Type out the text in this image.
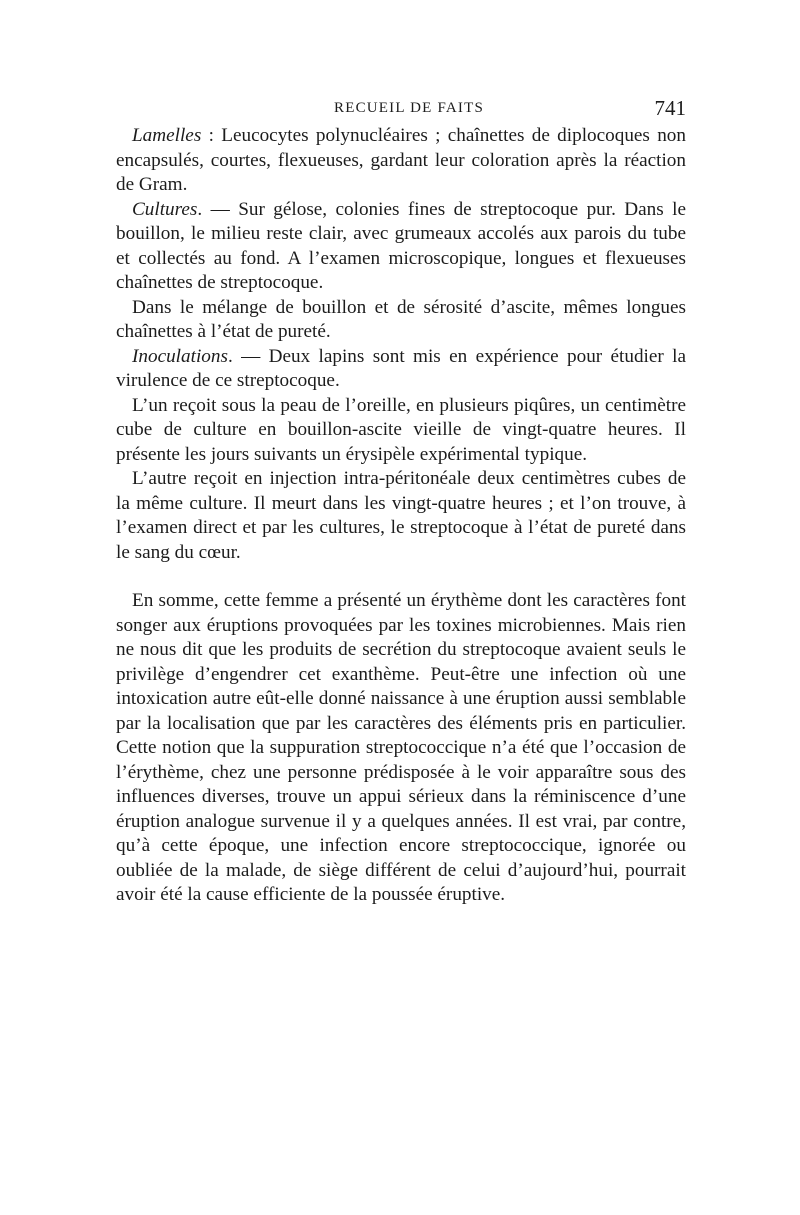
RECUEIL DE FAITS	741

Lamelles : Leucocytes polynucléaires ; chaînettes de diplocoques non encapsulés, courtes, flexueuses, gardant leur coloration après la réaction de Gram.

Cultures. — Sur gélose, colonies fines de streptocoque pur. Dans le bouillon, le milieu reste clair, avec grumeaux accolés aux parois du tube et collectés au fond. A l’examen microscopique, longues et flexueuses chaînettes de streptocoque.

Dans le mélange de bouillon et de sérosité d’ascite, mêmes longues chaînettes à l’état de pureté.

Inoculations. — Deux lapins sont mis en expérience pour étudier la virulence de ce streptocoque.

L’un reçoit sous la peau de l’oreille, en plusieurs piqûres, un centimètre cube de culture en bouillon-ascite vieille de vingt-quatre heures. Il présente les jours suivants un érysipèle expérimental typique.

L’autre reçoit en injection intra-péritonéale deux centimètres cubes de la même culture. Il meurt dans les vingt-quatre heures ; et l’on trouve, à l’examen direct et par les cultures, le streptocoque à l’état de pureté dans le sang du cœur.

En somme, cette femme a présenté un érythème dont les caractères font songer aux éruptions provoquées par les toxines microbiennes. Mais rien ne nous dit que les produits de secrétion du streptocoque avaient seuls le privilège d’engendrer cet exanthème. Peut-être une infection où une intoxication autre eût-elle donné naissance à une éruption aussi semblable par la localisation que par les caractères des éléments pris en particulier. Cette notion que la suppuration streptococcique n’a été que l’occasion de l’érythème, chez une personne prédisposée à le voir apparaître sous des influences diverses, trouve un appui sérieux dans la réminiscence d’une éruption analogue survenue il y a quelques années. Il est vrai, par contre, qu’à cette époque, une infection encore streptococcique, ignorée ou oubliée de la malade, de siège différent de celui d’aujourd’hui, pourrait avoir été la cause efficiente de la poussée éruptive.
